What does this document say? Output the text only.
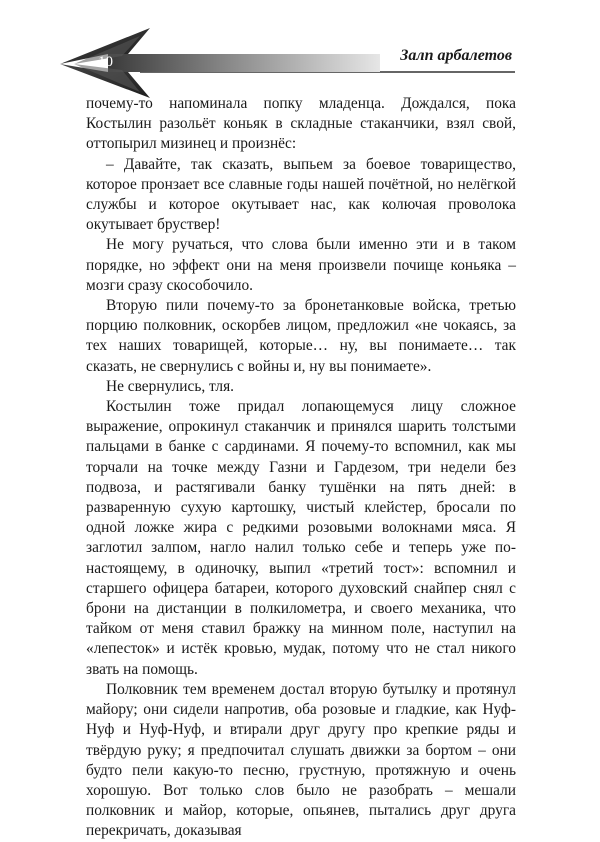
10	Залп арбалетов

почему-то напоминала попку младенца. Дождался, пока Костылин разольёт коньяк в складные стаканчики, взял свой, оттопырил мизинец и произнёс:

– Давайте, так сказать, выпьем за боевое товарищество, которое пронзает все славные годы нашей почётной, но нелёгкой службы и которое окутывает нас, как колючая проволока окутывает бруствер!

Не могу ручаться, что слова были именно эти и в таком порядке, но эффект они на меня произвели почище коньяка – мозги сразу скособочило.

Вторую пили почему-то за бронетанковые войска, третью порцию полковник, оскорбев лицом, предложил «не чокаясь, за тех наших товарищей, которые… ну, вы понимаете… так сказать, не свернулись с войны и, ну вы понимаете».

Не свернулись, тля.

Костылин тоже придал лопающемуся лицу сложное выражение, опрокинул стаканчик и принялся шарить толстыми пальцами в банке с сардинами. Я почему-то вспомнил, как мы торчали на точке между Газни и Гардезом, три недели без подвоза, и растягивали банку тушёнки на пять дней: в разваренную сухую картошку, чистый клейстер, бросали по одной ложке жира с редкими розовыми волокнами мяса. Я заглотил залпом, нагло налил только себе и теперь уже по-настоящему, в одиночку, выпил «третий тост»: вспомнил и старшего офицера батареи, которого духовский снайпер снял с брони на дистанции в полкилометра, и своего механика, что тайком от меня ставил бражку на минном поле, наступил на «лепесток» и истёк кровью, мудак, потому что не стал никого звать на помощь.

Полковник тем временем достал вторую бутылку и протянул майору; они сидели напротив, оба розовые и гладкие, как Нуф-Нуф и Нуф-Нуф, и втирали друг другу про крепкие ряды и твёрдую руку; я предпочитал слушать движки за бортом – они будто пели какую-то песню, грустную, протяжную и очень хорошую. Вот только слов было не разобрать – мешали полковник и майор, которые, опьянев, пытались друг друга перекричать, доказывая
